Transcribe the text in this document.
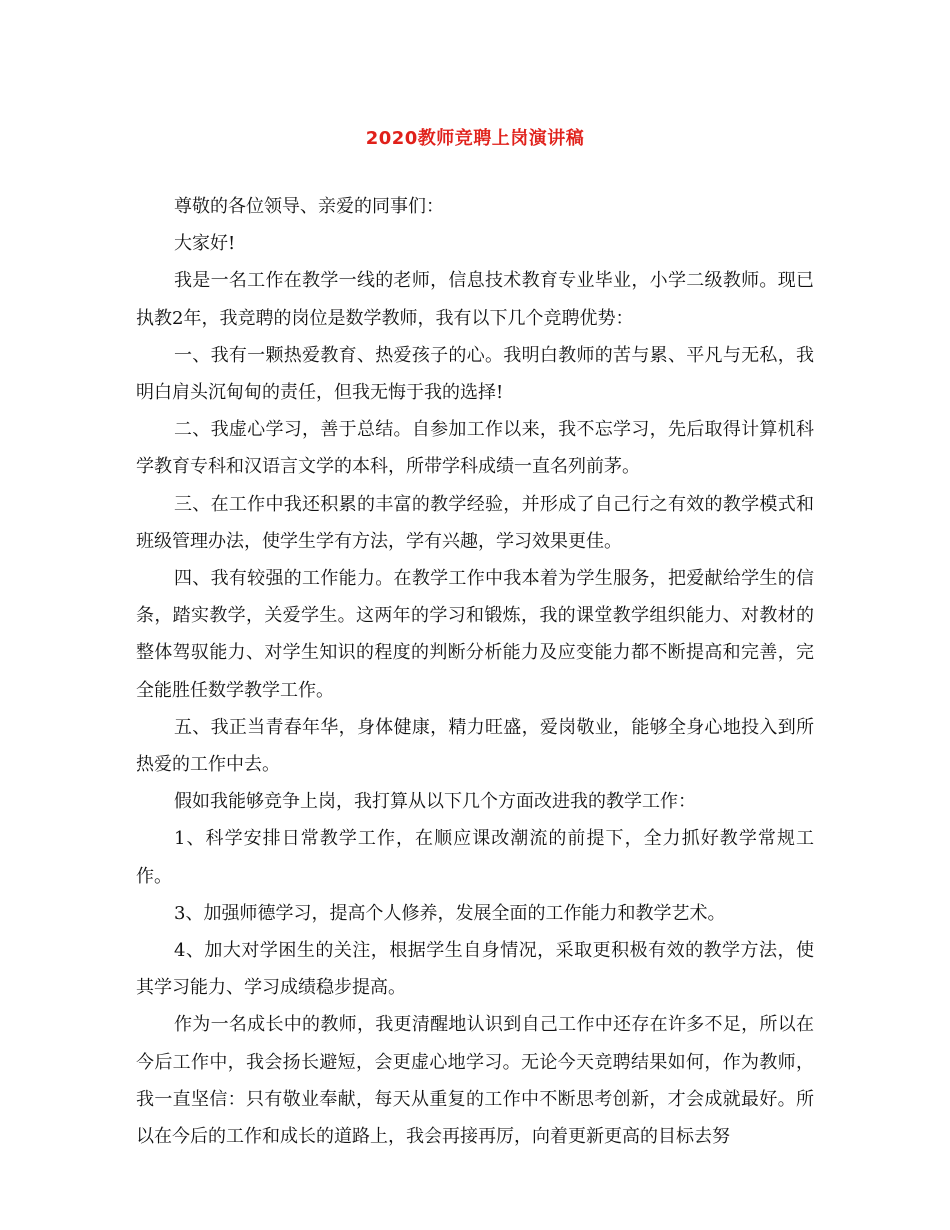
2020教师竞聘上岗演讲稿

尊敬的各位领导、亲爱的同事们：

大家好!

我是一名工作在教学一线的老师，信息技术教育专业毕业，小学二级教师。现已执教2年，我竞聘的岗位是数学教师，我有以下几个竞聘优势：

一、我有一颗热爱教育、热爱孩子的心。我明白教师的苦与累、平凡与无私，我明白肩头沉甸甸的责任，但我无悔于我的选择!

二、我虚心学习，善于总结。自参加工作以来，我不忘学习，先后取得计算机科学教育专科和汉语言文学的本科，所带学科成绩一直名列前茅。

三、在工作中我还积累的丰富的教学经验，并形成了自己行之有效的教学模式和班级管理办法，使学生学有方法，学有兴趣，学习效果更佳。

四、我有较强的工作能力。在教学工作中我本着为学生服务，把爱献给学生的信条，踏实教学，关爱学生。这两年的学习和锻炼，我的课堂教学组织能力、对教材的整体驾驭能力、对学生知识的程度的判断分析能力及应变能力都不断提高和完善，完全能胜任数学教学工作。

五、我正当青春年华，身体健康，精力旺盛，爱岗敬业，能够全身心地投入到所热爱的工作中去。

假如我能够竞争上岗，我打算从以下几个方面改进我的教学工作：

1、科学安排日常教学工作，在顺应课改潮流的前提下，全力抓好教学常规工作。

3、加强师德学习，提高个人修养，发展全面的工作能力和教学艺术。

4、加大对学困生的关注，根据学生自身情况，采取更积极有效的教学方法，使其学习能力、学习成绩稳步提高。

作为一名成长中的教师，我更清醒地认识到自己工作中还存在许多不足，所以在今后工作中，我会扬长避短，会更虚心地学习。无论今天竞聘结果如何，作为教师，我一直坚信：只有敬业奉献，每天从重复的工作中不断思考创新，才会成就最好。所以在今后的工作和成长的道路上，我会再接再厉，向着更新更高的目标去努
